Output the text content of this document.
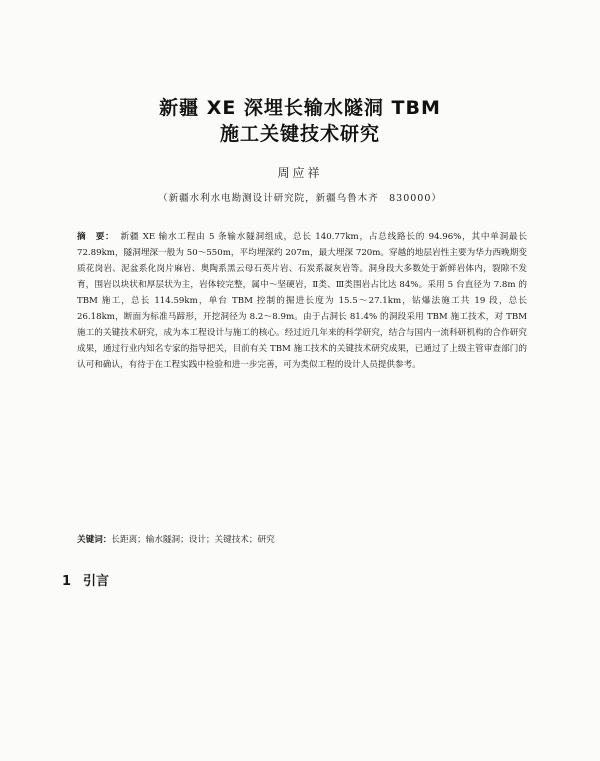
新疆 XE 深埋长输水隧洞 TBM
施工关键技术研究
周应祥
（新疆水利水电勘测设计研究院，新疆乌鲁木齐　830000）
摘　要： 新疆 XE 输水工程由 5 条输水隧洞组成，总长 140.77km，占总线路长的 94.96%，其中单洞最长 72.89km，隧洞埋深一般为 50～550m，平均埋深约 207m，最大埋深 720m。穿越的地层岩性主要为华力西晚期变质花岗岩、泥盆系化岗片麻岩、奥陶系黑云母石英片岩、石炭系凝灰岩等。洞身段大多数处于新鲜岩体内，裂隙不发育，围岩以块状和厚层状为主，岩体较完整，属中～坚硬岩，Ⅱ类、Ⅲ类围岩占比达 84%。采用 5 台直径为 7.8m 的 TBM 施工，总长 114.59km，单台 TBM 控制的掘进长度为 15.5～27.1km，钻爆法施工共 19 段，总长 26.18km，断面为标准马蹄形，开挖洞径为 8.2～8.9m。由于占洞长 81.4% 的洞段采用 TBM 施工技术，对 TBM 施工的关键技术研究，成为本工程设计与施工的核心。经过近几年来的科学研究，结合与国内一流科研机构的合作研究成果，通过行业内知名专家的指导把关，目前有关 TBM 施工技术的关键技术研究成果，已通过了上级主管审查部门的认可和确认，有待于在工程实践中检验和进一步完善，可为类似工程的设计人员提供参考。
关键词：长距离；输水隧洞；设计；关键技术；研究
1 引言
